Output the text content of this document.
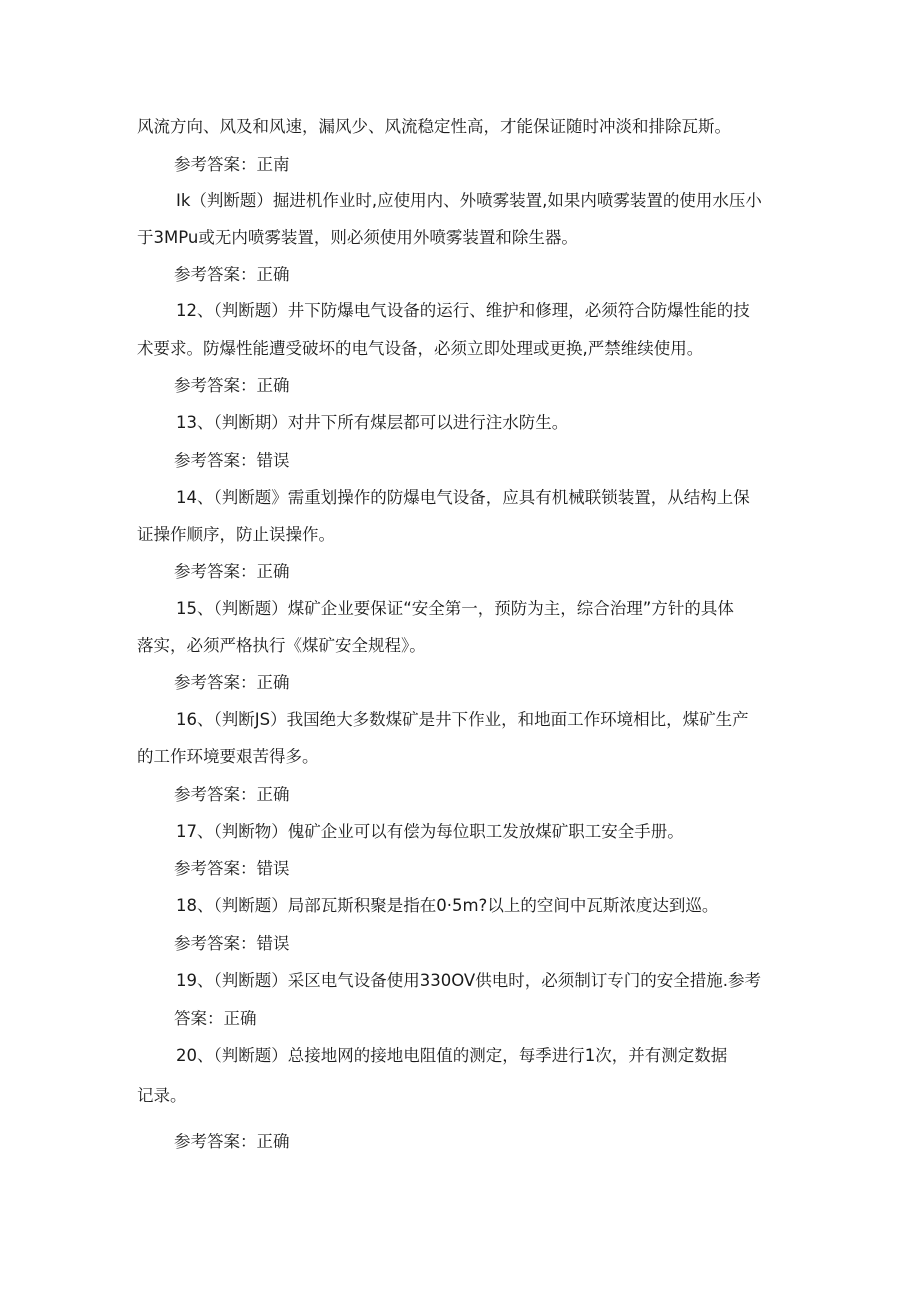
风流方向、风及和风速，漏风少、风流稳定性高，才能保证随时冲淡和排除瓦斯。

参考答案：正南

Ik（判断题）掘进机作业时,应使用内、外喷雾装置,如果内喷雾装置的使用水压小

于3MPu或无内喷雾装置，则必须使用外喷雾装置和除生器。

参考答案：正确

12、（判断题）井下防爆电气设备的运行、维护和修理，必须符合防爆性能的技

术要求。防爆性能遭受破坏的电气设备，必须立即处理或更换,严禁维续使用。

参考答案：正确

13、（判断期）对井下所有煤层都可以进行注水防生。

参考答案：错误

14、（判断题》需重划操作的防爆电气设备，应具有机械联锁装置，从结构上保

证操作顺序，防止误操作。

参考答案：正确

15、（判断题）煤矿企业要保证“安全第一，预防为主，综合治理”方针的具体

落实，必须严格执行《煤矿安全规程》。

参考答案：正确

16、（判断JS）我国绝大多数煤矿是井下作业，和地面工作环境相比，煤矿生产

的工作环境要艰苦得多。

参考答案：正确

17、（判断物）傀矿企业可以有偿为每位职工发放煤矿职工安全手册。

参考答案：错误

18、（判断题）局部瓦斯积聚是指在0·5m?以上的空间中瓦斯浓度达到巡。

参考答案：错误

19、（判断题）采区电气设备使用330OV供电时，必须制订专门的安全措施.参考

答案：正确

20、（判断题）总接地网的接地电阻值的测定，每季进行1次，并有测定数据

记录。

参考答案：正确
